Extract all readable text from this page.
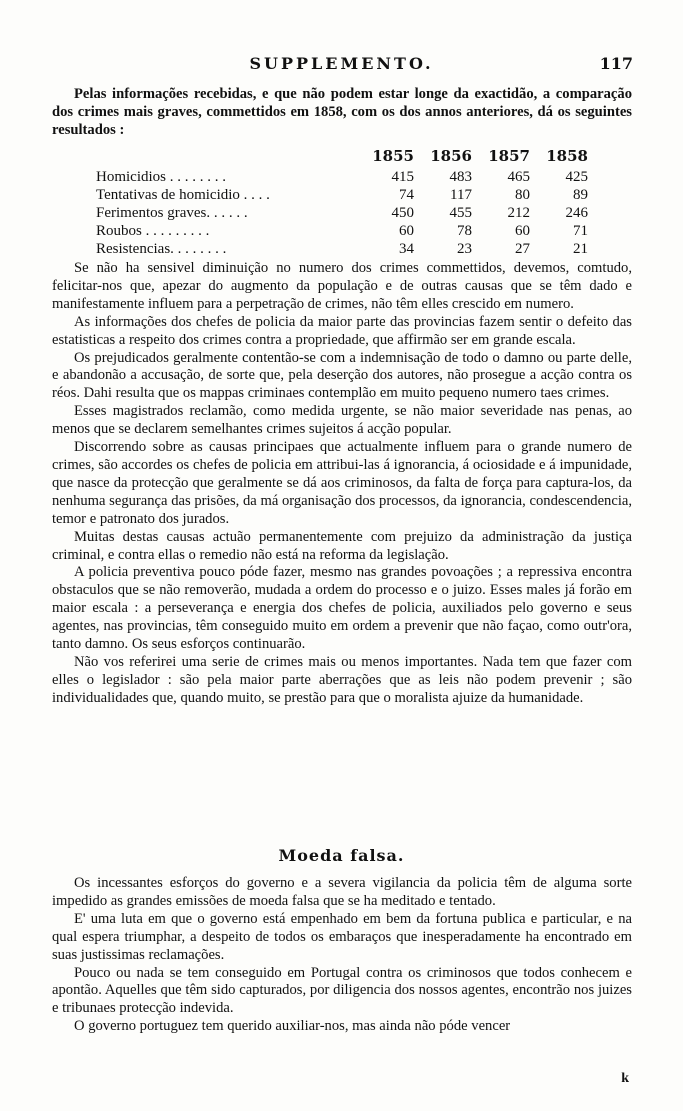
SUPPLEMENTO.	117

Pelas informações recebidas, e que não podem estar longe da exactidão, a comparação dos crimes mais graves, commettidos em 1858, com os dos annos anteriores, dá os seguintes resultados :

	1855	1856	1857	1858
Homicidios . . . . . . . .	415	483	465	425
Tentativas de homicidio . . . .	74	117	80	89
Ferimentos graves. . . . . .	450	455	212	246
Roubos . . . . . . . . .	60	78	60	71
Resistencias. . . . . . . .	34	23	27	21

Se não ha sensivel diminuição no numero dos crimes commettidos, devemos, comtudo, felicitar-nos que, apezar do augmento da população e de outras causas que se têm dado e manifestamente influem para a perpetração de crimes, não têm elles crescido em numero.

As informações dos chefes de policia da maior parte das provincias fazem sentir o defeito das estatisticas a respeito dos crimes contra a propriedade, que affirmão ser em grande escala.

Os prejudicados geralmente contentão-se com a indemnisação de todo o damno ou parte delle, e abandonão a accusação, de sorte que, pela deserção dos autores, não prosegue a acção contra os réos. Dahi resulta que os mappas criminaes contemplão em muito pequeno numero taes crimes.

Esses magistrados reclamão, como medida urgente, se não maior severidade nas penas, ao menos que se declarem semelhantes crimes sujeitos á acção popular.

Discorrendo sobre as causas principaes que actualmente influem para o grande numero de crimes, são accordes os chefes de policia em attribui-las á ignorancia, á ociosidade e á impunidade, que nasce da protecção que geralmente se dá aos criminosos, da falta de força para captura-los, da nenhuma segurança das prisões, da má organisação dos processos, da ignorancia, condescendencia, temor e patronato dos jurados.

Muitas destas causas actuão permanentemente com prejuizo da administração da justiça criminal, e contra ellas o remedio não está na reforma da legislação.

A policia preventiva pouco póde fazer, mesmo nas grandes povoações ; a repressiva encontra obstaculos que se não removerão, mudada a ordem do processo e o juizo. Esses males já forão em maior escala : a perseverança e energia dos chefes de policia, auxiliados pelo governo e seus agentes, nas provincias, têm conseguido muito em ordem a prevenir que não façao, como outr'ora, tanto damno. Os seus esforços continuarão.

Não vos referirei uma serie de crimes mais ou menos importantes. Nada tem que fazer com elles o legislador : são pela maior parte aberrações que as leis não podem prevenir ; são individualidades que, quando muito, se prestão para que o moralista ajuize da humanidade.

Moeda falsa.

Os incessantes esforços do governo e a severa vigilancia da policia têm de alguma sorte impedido as grandes emissões de moeda falsa que se ha meditado e tentado.

E' uma luta em que o governo está empenhado em bem da fortuna publica e particular, e na qual espera triumphar, a despeito de todos os embaraços que inesperadamente ha encontrado em suas justissimas reclamações.

Pouco ou nada se tem conseguido em Portugal contra os criminosos que todos conhecem e apontão. Aquelles que têm sido capturados, por diligencia dos nossos agentes, encontrão nos juizes e tribunaes protecção indevida.

O governo portuguez tem querido auxiliar-nos, mas ainda não póde vencer

k
